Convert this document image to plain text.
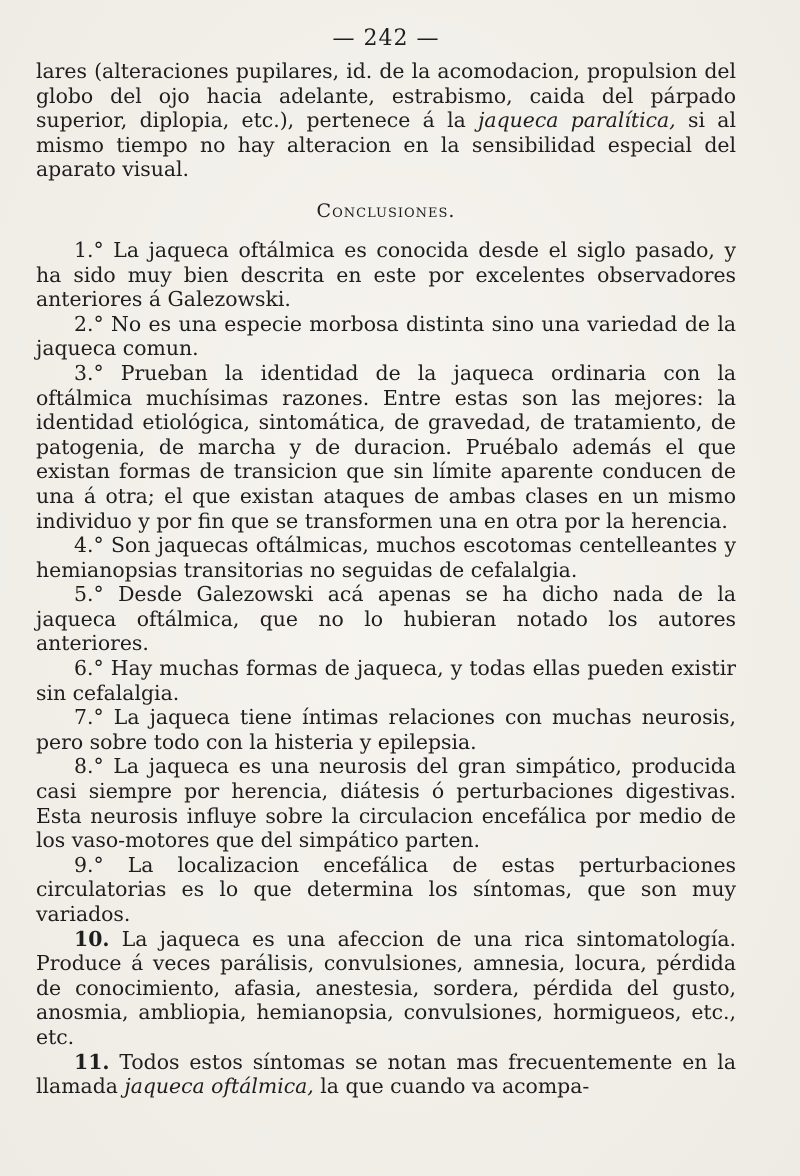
— 242 —

lares (alteraciones pupilares, id. de la acomodacion, propulsion del globo del ojo hacia adelante, estrabismo, caida del párpado superior, diplopia, etc.), pertenece á la jaqueca paralítica, si al mismo tiempo no hay alteracion en la sensibilidad especial del aparato visual.

Conclusiones.

1.° La jaqueca oftálmica es conocida desde el siglo pasado, y ha sido muy bien descrita en este por excelentes observadores anteriores á Galezowski.

2.° No es una especie morbosa distinta sino una variedad de la jaqueca comun.

3.° Prueban la identidad de la jaqueca ordinaria con la oftálmica muchísimas razones. Entre estas son las mejores: la identidad etiológica, sintomática, de gravedad, de tratamiento, de patogenia, de marcha y de duracion. Pruébalo además el que existan formas de transicion que sin límite aparente conducen de una á otra; el que existan ataques de ambas clases en un mismo individuo y por fin que se transformen una en otra por la herencia.

4.° Son jaquecas oftálmicas, muchos escotomas centelleantes y hemianopsias transitorias no seguidas de cefalalgia.

5.° Desde Galezowski acá apenas se ha dicho nada de la jaqueca oftálmica, que no lo hubieran notado los autores anteriores.

6.° Hay muchas formas de jaqueca, y todas ellas pueden existir sin cefalalgia.

7.° La jaqueca tiene íntimas relaciones con muchas neurosis, pero sobre todo con la histeria y epilepsia.

8.° La jaqueca es una neurosis del gran simpático, producida casi siempre por herencia, diátesis ó perturbaciones digestivas. Esta neurosis influye sobre la circulacion encefálica por medio de los vaso-motores que del simpático parten.

9.° La localizacion encefálica de estas perturbaciones circulatorias es lo que determina los síntomas, que son muy variados.

10. La jaqueca es una afeccion de una rica sintomatología. Produce á veces parálisis, convulsiones, amnesia, locura, pérdida de conocimiento, afasia, anestesia, sordera, pérdida del gusto, anosmia, ambliopia, hemianopsia, convulsiones, hormigueos, etc., etc.

11. Todos estos síntomas se notan mas frecuentemente en la llamada jaqueca oftálmica, la que cuando va acompa-
